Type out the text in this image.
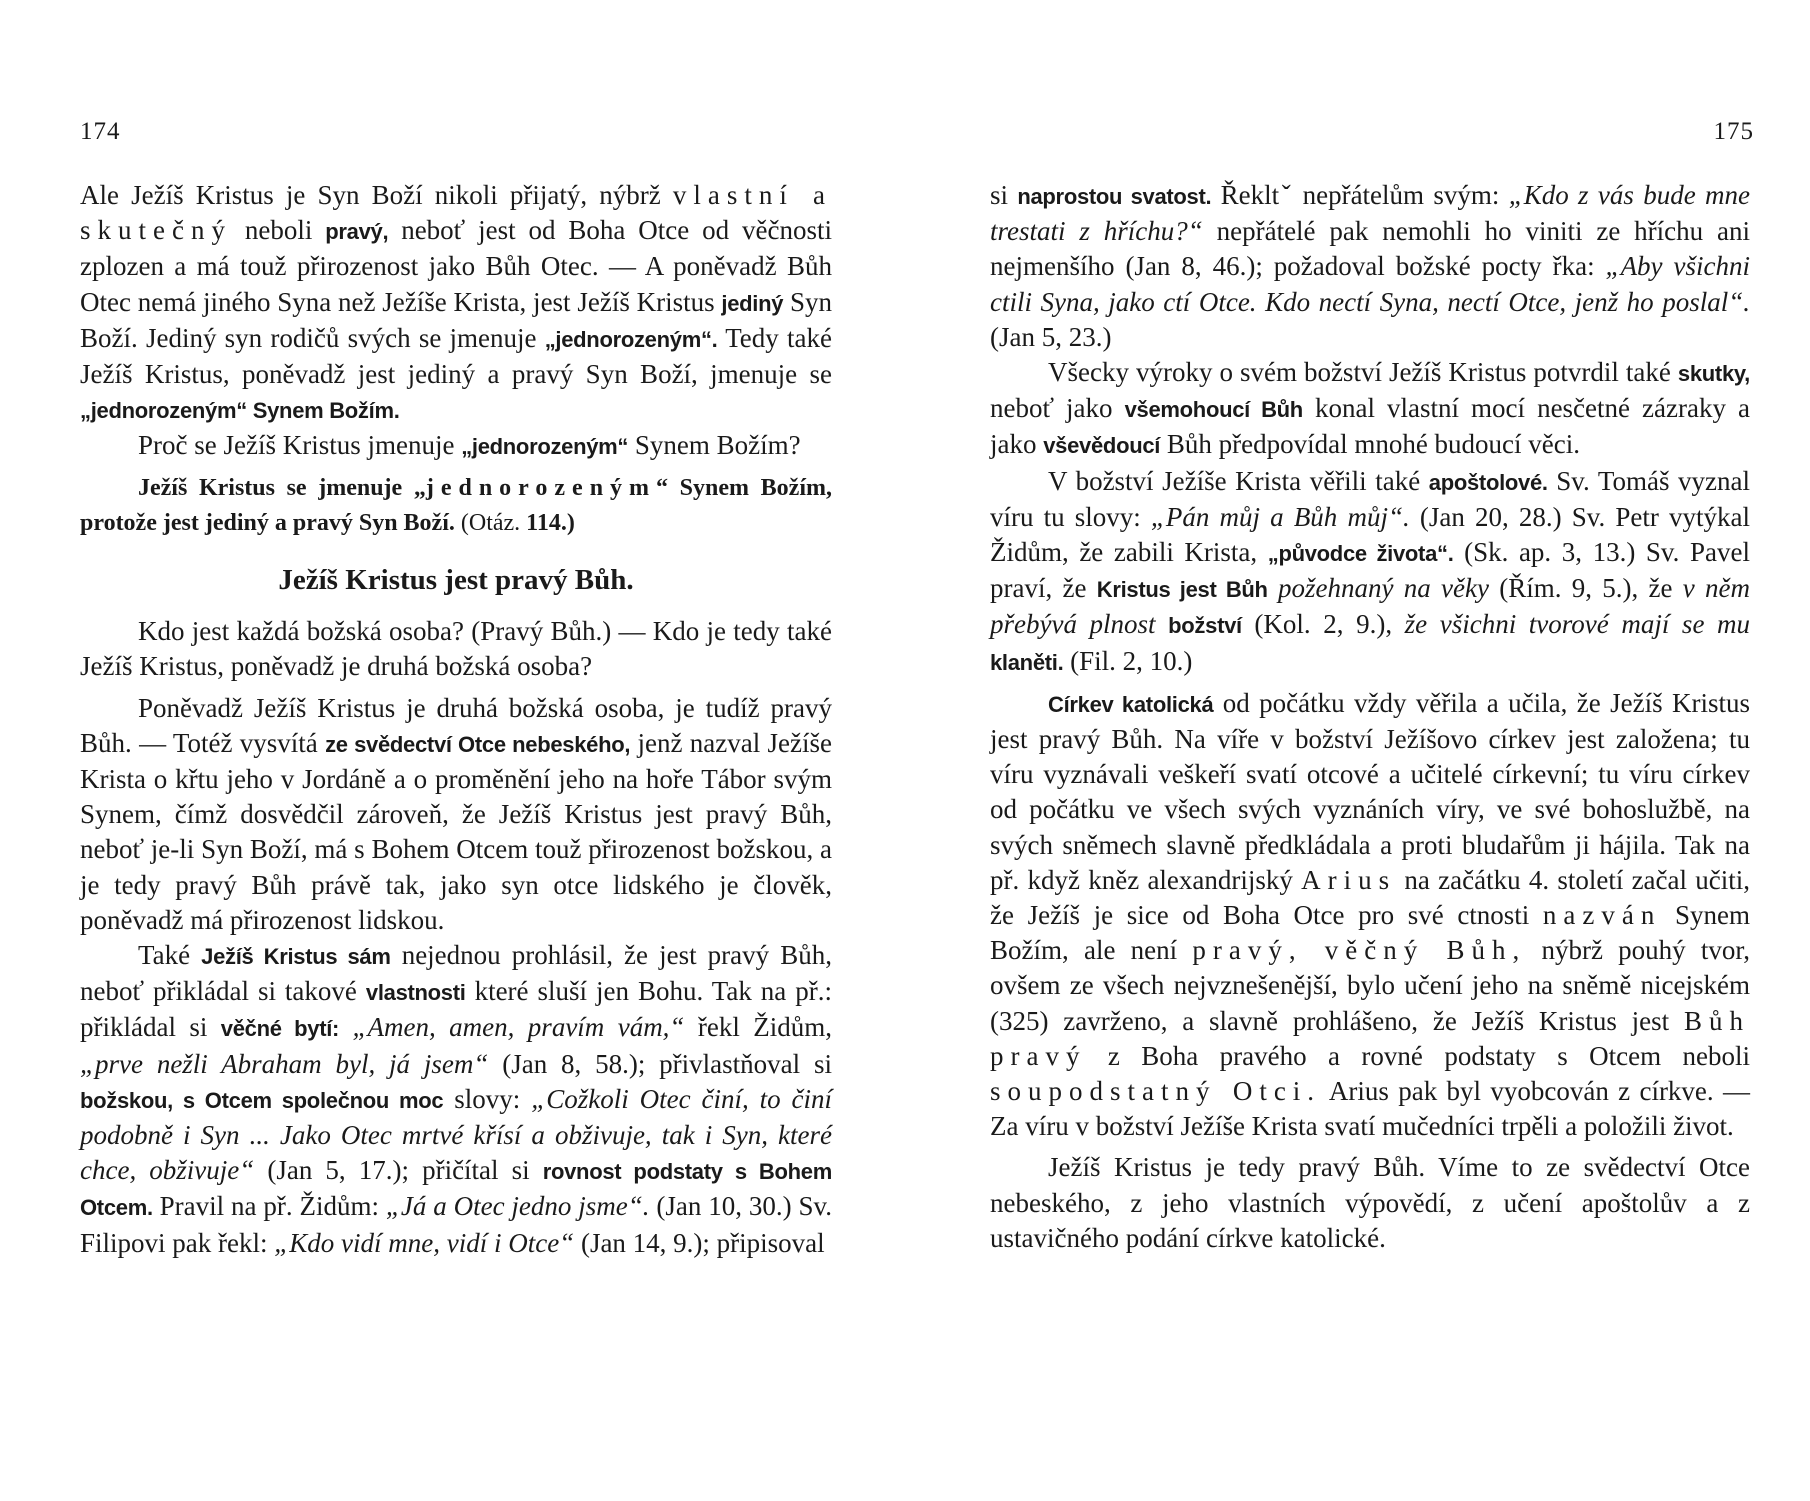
174

Ale Ježíš Kristus je Syn Boží nikoli přijatý, nýbrž vlastní a skutečný neboli pravý, neboť jest od Boha Otce od věčnosti zplozen a má touž přirozenost jako Bůh Otec. — A poněvadž Bůh Otec nemá jiného Syna než Ježíše Krista, jest Ježíš Kristus jediný Syn Boží. Jediný syn rodičů svých se jmenuje „jednorozeným“. Tedy také Ježíš Kristus, poněvadž jest jediný a pravý Syn Boží, jmenuje se „jednorozeným“ Synem Božím.

Proč se Ježíš Kristus jmenuje „jednorozeným“ Synem Božím?

Ježíš Kristus se jmenuje „jednorozeným“ Synem Božím, protože jest jediný a pravý Syn Boží. (Otáz. 114.)

Ježíš Kristus jest pravý Bůh.

Kdo jest každá božská osoba? (Pravý Bůh.) — Kdo je tedy také Ježíš Kristus, poněvadž je druhá božská osoba?

Poněvadž Ježíš Kristus je druhá božská osoba, je tudíž pravý Bůh. — Totéž vysvítá ze svědectví Otce nebeského, jenž nazval Ježíše Krista o křtu jeho v Jordáně a o proměnění jeho na hoře Tábor svým Synem, čímž dosvědčil zároveň, že Ježíš Kristus jest pravý Bůh, neboť je-li Syn Boží, má s Bohem Otcem touž přirozenost božskou, a je tedy pravý Bůh právě tak, jako syn otce lidského je člověk, poněvadž má přirozenost lidskou.

Také Ježíš Kristus sám nejednou prohlásil, že jest pravý Bůh, neboť přikládal si takové vlastnosti které sluší jen Bohu. Tak na př.: přikládal si věčné bytí: „Amen, amen, pravím vám,“ řekl Židům, „prve nežli Abraham byl, já jsem“ (Jan 8, 58.); přivlastňoval si božskou, s Otcem společnou moc slovy: „Cožkoli Otec činí, to činí podobně i Syn ... Jako Otec mrtvé křísí a obživuje, tak i Syn, které chce, obživuje“ (Jan 5, 17.); přičítal si rovnost podstaty s Bohem Otcem. Pravil na př. Židům: „Já a Otec jedno jsme“. (Jan 10, 30.) Sv. Filipovi pak řekl: „Kdo vidí mne, vidí i Otce“ (Jan 14, 9.); připisoval

175

si naprostou svatost. Řekltˇ nepřátelům svým: „Kdo z vás bude mne trestati z hříchu?“ nepřátelé pak nemohli ho viniti ze hříchu ani nejmenšího (Jan 8, 46.); požadoval božské pocty řka: „Aby všichni ctili Syna, jako ctí Otce. Kdo nectí Syna, nectí Otce, jenž ho poslal“. (Jan 5, 23.)

Všecky výroky o svém božství Ježíš Kristus potvrdil také skutky, neboť jako všemohoucí Bůh konal vlastní mocí nesčetné zázraky a jako vševědoucí Bůh předpovídal mnohé budoucí věci.

V božství Ježíše Krista věřili také apoštolové. Sv. Tomáš vyznal víru tu slovy: „Pán můj a Bůh můj“. (Jan 20, 28.) Sv. Petr vytýkal Židům, že zabili Krista, „původce života“. (Sk. ap. 3, 13.) Sv. Pavel praví, že Kristus jest Bůh požehnaný na věky (Řím. 9, 5.), že v něm přebývá plnost božství (Kol. 2, 9.), že všichni tvorové mají se mu klaněti. (Fil. 2, 10.)

Církev katolická od počátku vždy věřila a učila, že Ježíš Kristus jest pravý Bůh. Na víře v božství Ježíšovo církev jest založena; tu víru vyznávali veškeří svatí otcové a učitelé církevní; tu víru církev od počátku ve všech svých vyznáních víry, ve své bohoslužbě, na svých sněmech slavně předkládala a proti bludařům ji hájila. Tak na př. když kněz alexandrijský Arius na začátku 4. století začal učiti, že Ježíš je sice od Boha Otce pro své ctnosti nazván Synem Božím, ale není pravý, věčný Bůh, nýbrž pouhý tvor, ovšem ze všech nejvznešenější, bylo učení jeho na sněmě nicejském (325) zavrženo, a slavně prohlášeno, že Ježíš Kristus jest Bůh pravý z Boha pravého a rovné podstaty s Otcem neboli soupodstatný Otci. Arius pak byl vyobcován z církve. — Za víru v božství Ježíše Krista svatí mučedníci trpěli a položili život.

Ježíš Kristus je tedy pravý Bůh. Víme to ze svědectví Otce nebeského, z jeho vlastních výpovědí, z učení apoštolův a z ustavičného podání církve katolické.
